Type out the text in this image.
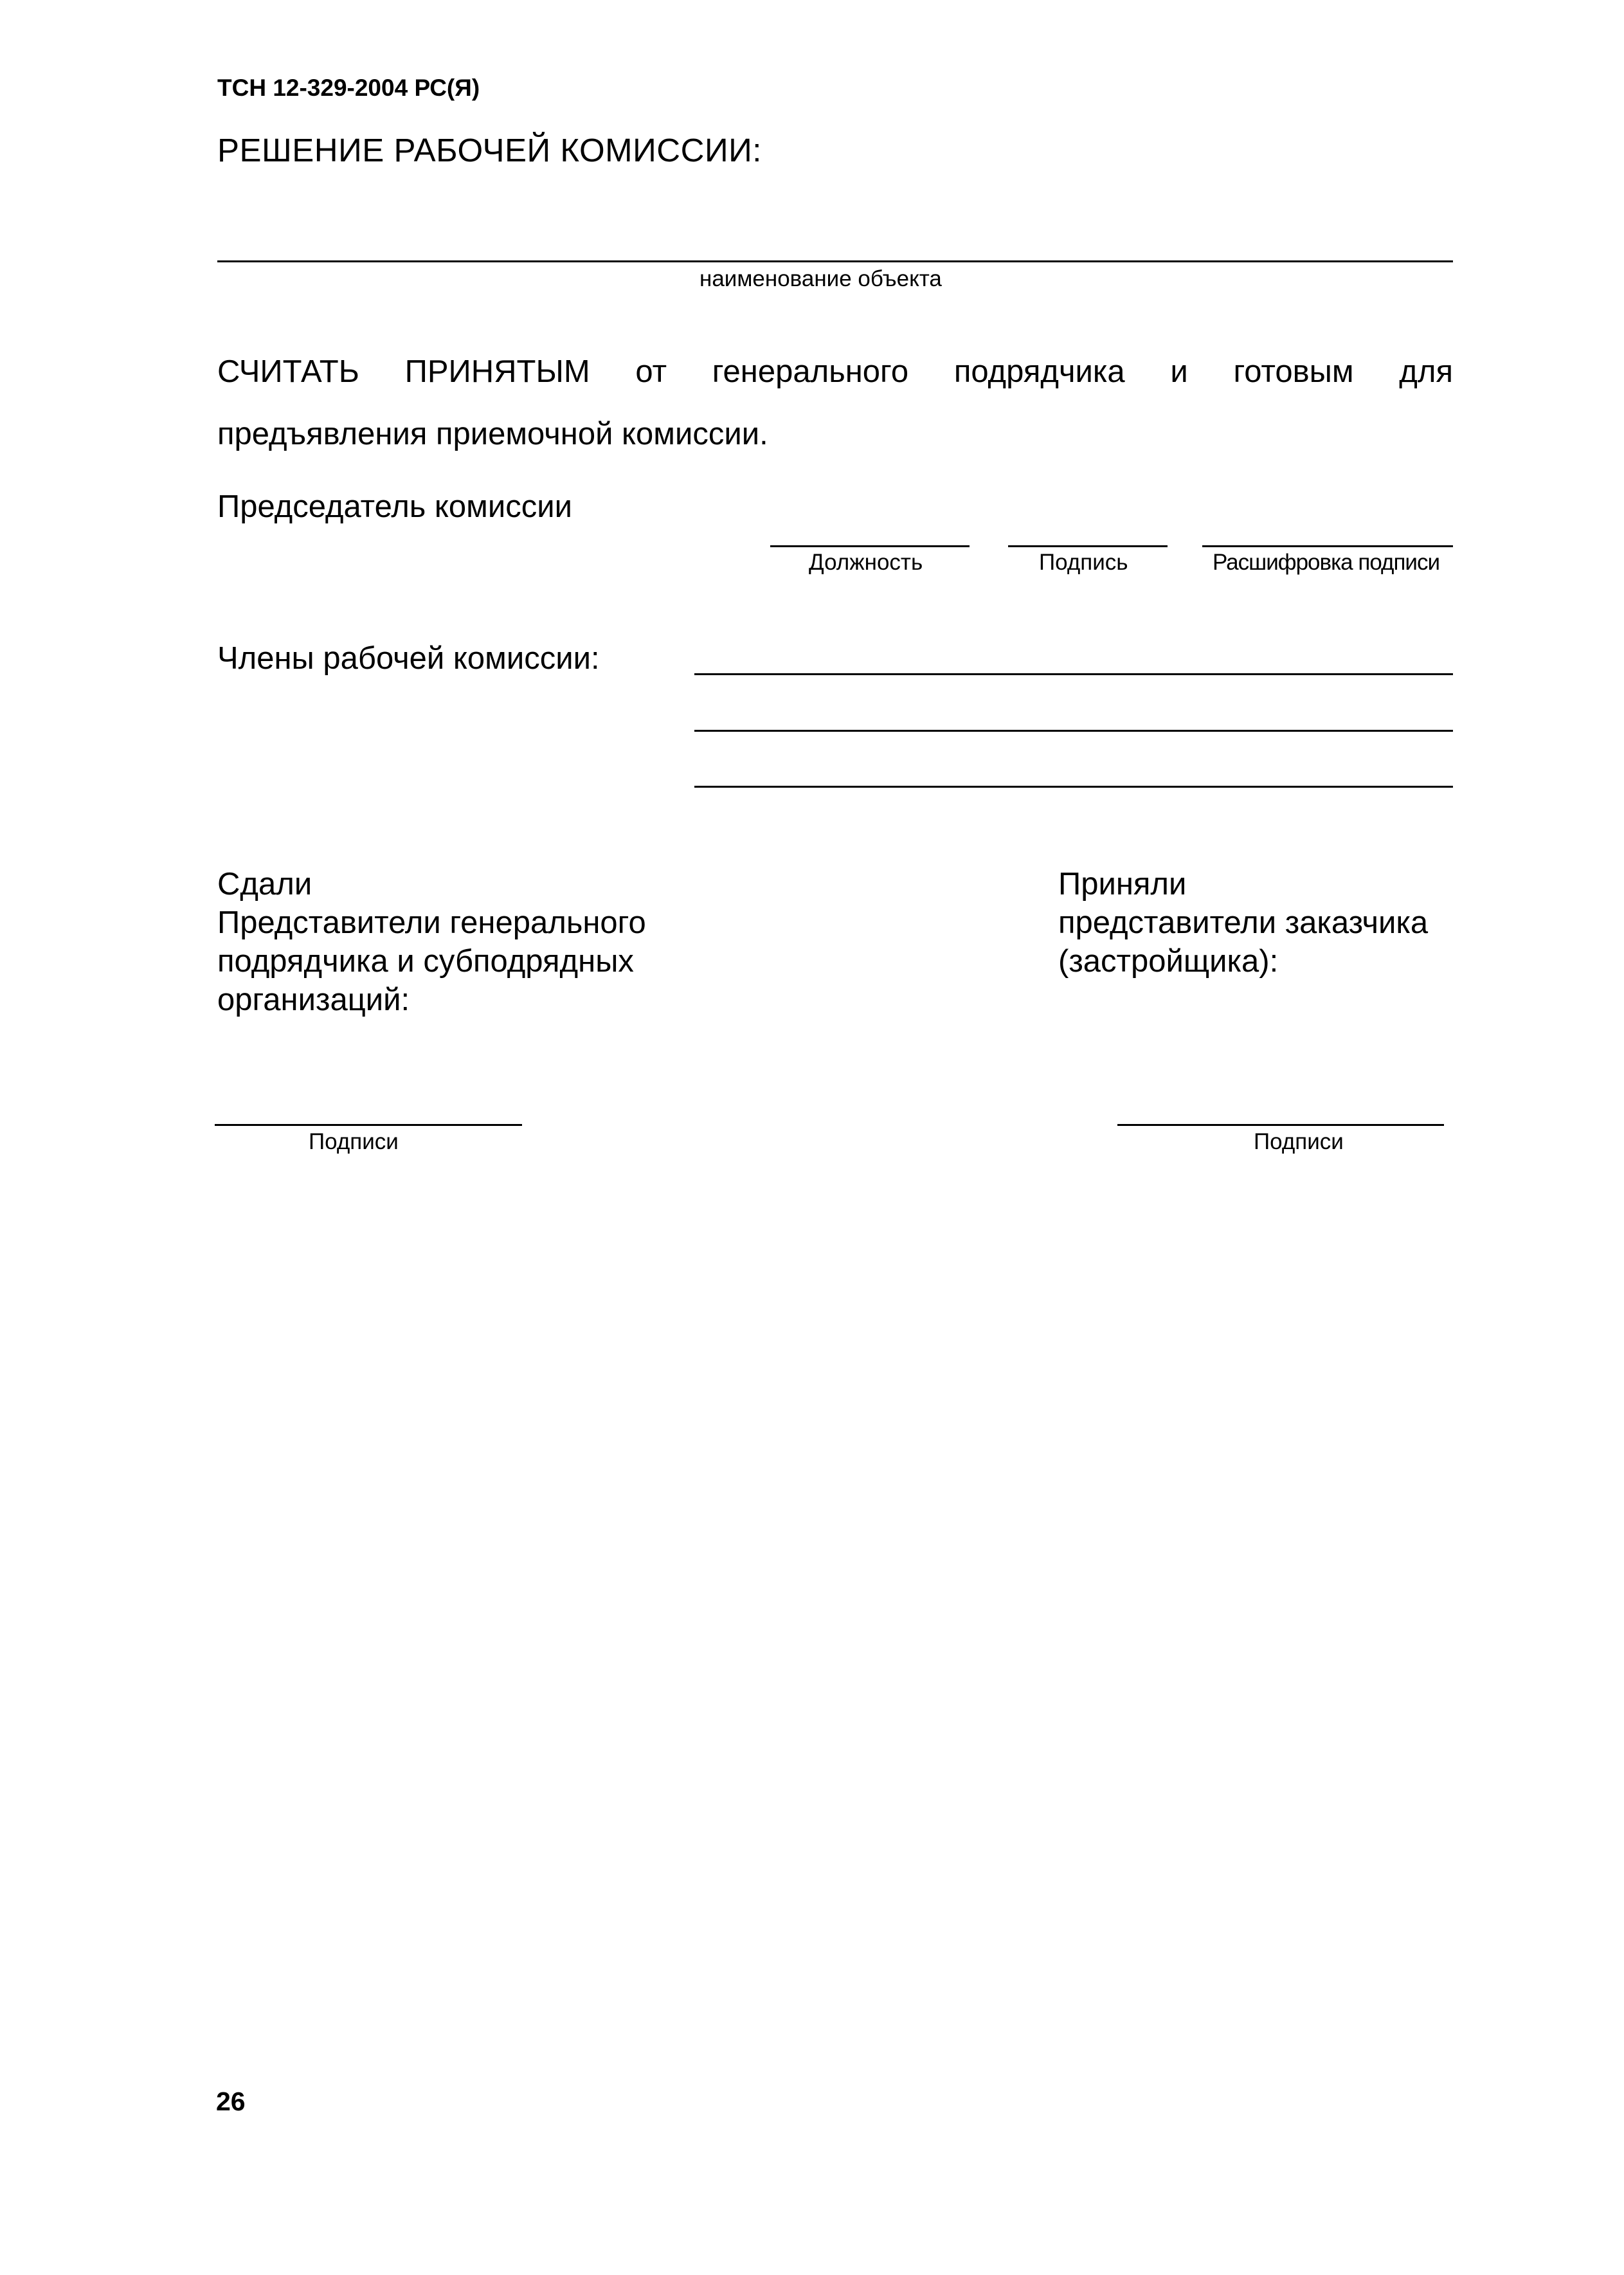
ТСН 12-329-2004 РС(Я)
РЕШЕНИЕ РАБОЧЕЙ КОМИССИИ:
наименование объекта
СЧИТАТЬ ПРИНЯТЫМ от генерального подрядчика и готовым для
предъявления приемочной комиссии.
Председатель комиссии
Должность	Подпись	Расшифровка подписи
Члены рабочей комиссии:
Сдали
Представители генерального
подрядчика и субподрядных
организаций:
Приняли
представители заказчика
(застройщика):
Подписи	Подписи
26
